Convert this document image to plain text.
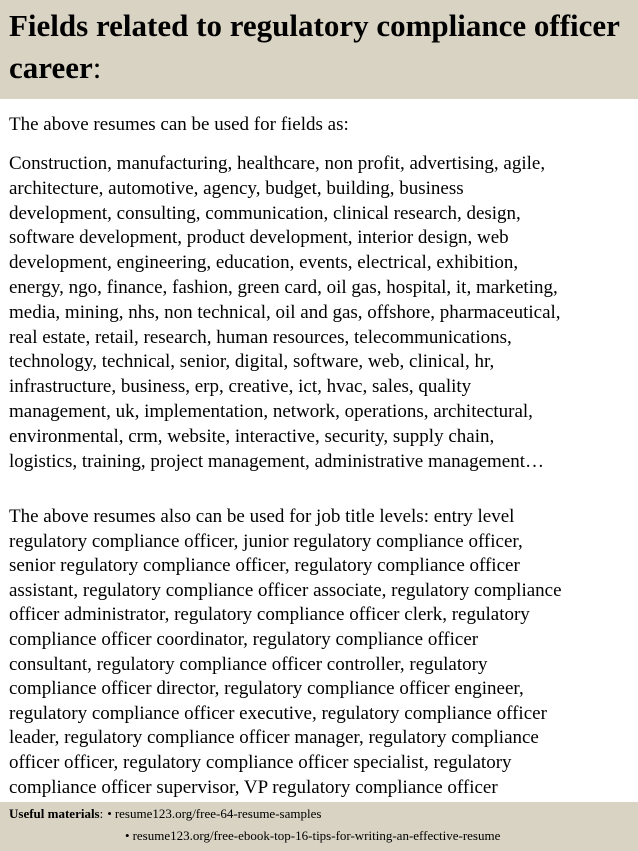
Fields related to regulatory compliance officer career:

The above resumes can be used for fields as:

Construction, manufacturing, healthcare, non profit, advertising, agile,
architecture, automotive, agency, budget, building, business
development, consulting, communication, clinical research, design,
software development, product development, interior design, web
development, engineering, education, events, electrical, exhibition,
energy, ngo, finance, fashion, green card, oil gas, hospital, it, marketing,
media, mining, nhs, non technical, oil and gas, offshore, pharmaceutical,
real estate, retail, research, human resources, telecommunications,
technology, technical, senior, digital, software, web, clinical, hr,
infrastructure, business, erp, creative, ict, hvac, sales, quality
management, uk, implementation, network, operations, architectural,
environmental, crm, website, interactive, security, supply chain,
logistics, training, project management, administrative management…
The above resumes also can be used for job title levels: entry level
regulatory compliance officer, junior regulatory compliance officer,
senior regulatory compliance officer, regulatory compliance officer
assistant, regulatory compliance officer associate, regulatory compliance
officer administrator, regulatory compliance officer clerk, regulatory
compliance officer coordinator, regulatory compliance officer
consultant, regulatory compliance officer controller, regulatory
compliance officer director, regulatory compliance officer engineer,
regulatory compliance officer executive, regulatory compliance officer
leader, regulatory compliance officer manager, regulatory compliance
officer officer, regulatory compliance officer specialist, regulatory
compliance officer supervisor, VP regulatory compliance officer
Useful materials: • resume123.org/free-64-resume-samples
• resume123.org/free-ebook-top-16-tips-for-writing-an-effective-resume
